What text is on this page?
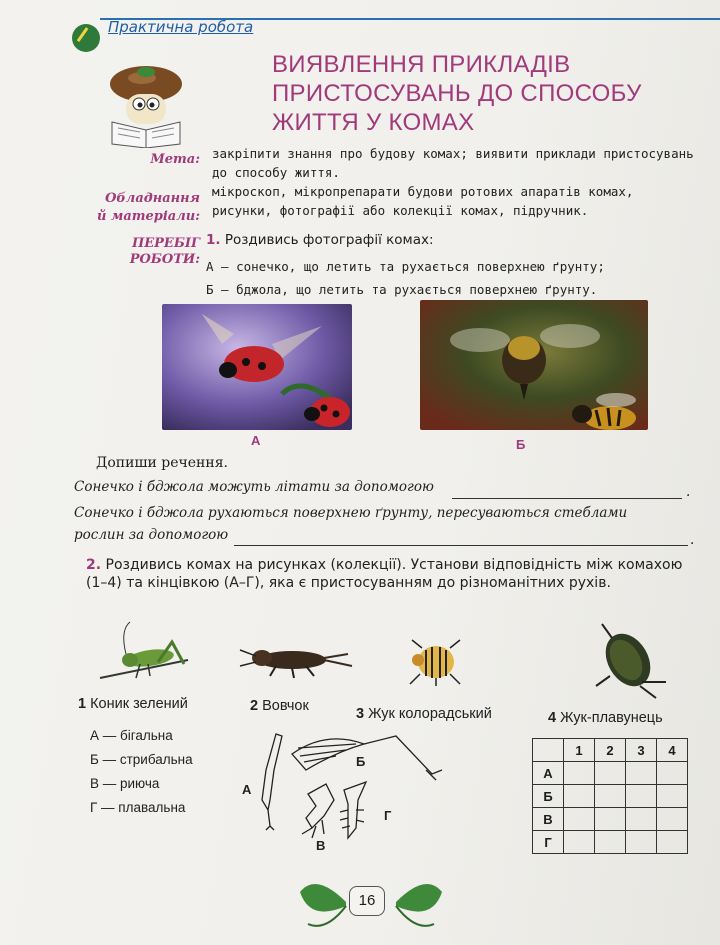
Практична робота
ВИЯВЛЕННЯ ПРИКЛАДІВ
ПРИСТОСУВАНЬ ДО СПОСОБУ
ЖИТТЯ У КОМАХ
Мета: закріпити знання про будову комах; виявити приклади пристосувань до способу життя.
Обладнання
й матеріали:
мікроскоп, мікропрепарати будови ротових апаратів комах,
рисунки, фотографії або колекції комах, підручник.
ПЕРЕБІГ
РОБОТИ:
1. Роздивись фотографії комах:
А — сонечко, що летить та рухається поверхнею ґрунту;
Б — бджола, що летить та рухається поверхнею ґрунту.
А	Б
Допиши речення.
Сонечко і бджола можуть літати за допомогою	.
Сонечко і бджола рухаються поверхнею ґрунту, пересуваються стеблами
рослин за допомогою	.
2. Роздивись комах на рисунках (колекції). Установи відповідність між комахою (1–4) та кінцівкою (А–Г), яка є пристосуванням до різноманітних рухів.
1 Коник зелений	2 Вовчок	3 Жук колорадський	4 Жук-плавунець
А — бігальна
Б — стрибальна
В — риюча
Г — плавальна
А
Б
В
Г
	1	2	3	4
А				
Б				
В				
Г				
16
